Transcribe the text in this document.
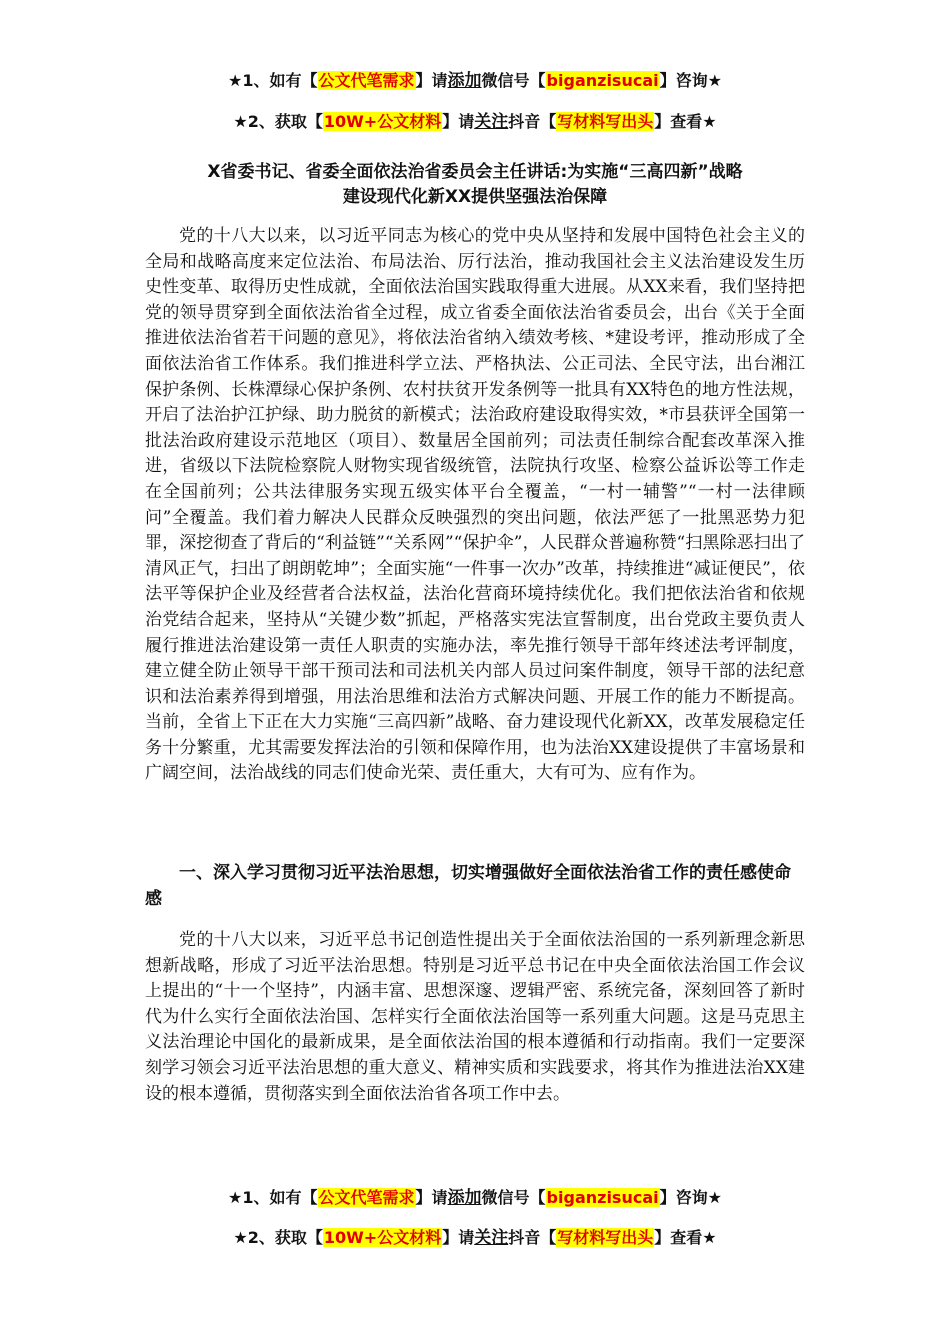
★1、如有【公文代笔需求】请添加微信号【biganzisucai】咨询★
★2、获取【10W+公文材料】请关注抖音【写材料写出头】查看★
X省委书记、省委全面依法治省委员会主任讲话:为实施“三高四新”战略
建设现代化新XX提供坚强法治保障

党的十八大以来，以习近平同志为核心的党中央从坚持和发展中国特色社会主义的全局和战略高度来定位法治、布局法治、厉行法治，推动我国社会主义法治建设发生历史性变革、取得历史性成就，全面依法治国实践取得重大进展。从XX来看，我们坚持把党的领导贯穿到全面依法治省全过程，成立省委全面依法治省委员会，出台《关于全面推进依法治省若干问题的意见》，将依法治省纳入绩效考核、*建设考评，推动形成了全面依法治省工作体系。我们推进科学立法、严格执法、公正司法、全民守法，出台湘江保护条例、长株潭绿心保护条例、农村扶贫开发条例等一批具有XX特色的地方性法规，开启了法治护江护绿、助力脱贫的新模式；法治政府建设取得实效，*市县获评全国第一批法治政府建设示范地区（项目）、数量居全国前列；司法责任制综合配套改革深入推进，省级以下法院检察院人财物实现省级统管，法院执行攻坚、检察公益诉讼等工作走在全国前列；公共法律服务实现五级实体平台全覆盖，“一村一辅警”“一村一法律顾问”全覆盖。我们着力解决人民群众反映强烈的突出问题，依法严惩了一批黑恶势力犯罪，深挖彻查了背后的“利益链”“关系网”“保护伞”，人民群众普遍称赞“扫黑除恶扫出了清风正气，扫出了朗朗乾坤”；全面实施“一件事一次办”改革，持续推进“减证便民”，依法平等保护企业及经营者合法权益，法治化营商环境持续优化。我们把依法治省和依规治党结合起来，坚持从“关键少数”抓起，严格落实宪法宣誓制度，出台党政主要负责人履行推进法治建设第一责任人职责的实施办法，率先推行领导干部年终述法考评制度，建立健全防止领导干部干预司法和司法机关内部人员过问案件制度，领导干部的法纪意识和法治素养得到增强，用法治思维和法治方式解决问题、开展工作的能力不断提高。当前，全省上下正在大力实施“三高四新”战略、奋力建设现代化新XX，改革发展稳定任务十分繁重，尤其需要发挥法治的引领和保障作用，也为法治XX建设提供了丰富场景和广阔空间，法治战线的同志们使命光荣、责任重大，大有可为、应有作为。

一、深入学习贯彻习近平法治思想，切实增强做好全面依法治省工作的责任感使命感

党的十八大以来，习近平总书记创造性提出关于全面依法治国的一系列新理念新思想新战略，形成了习近平法治思想。特别是习近平总书记在中央全面依法治国工作会议上提出的“十一个坚持”，内涵丰富、思想深邃、逻辑严密、系统完备，深刻回答了新时代为什么实行全面依法治国、怎样实行全面依法治国等一系列重大问题。这是马克思主义法治理论中国化的最新成果，是全面依法治国的根本遵循和行动指南。我们一定要深刻学习领会习近平法治思想的重大意义、精神实质和实践要求，将其作为推进法治XX建设的根本遵循，贯彻落实到全面依法治省各项工作中去。

★1、如有【公文代笔需求】请添加微信号【biganzisucai】咨询★
★2、获取【10W+公文材料】请关注抖音【写材料写出头】查看★
